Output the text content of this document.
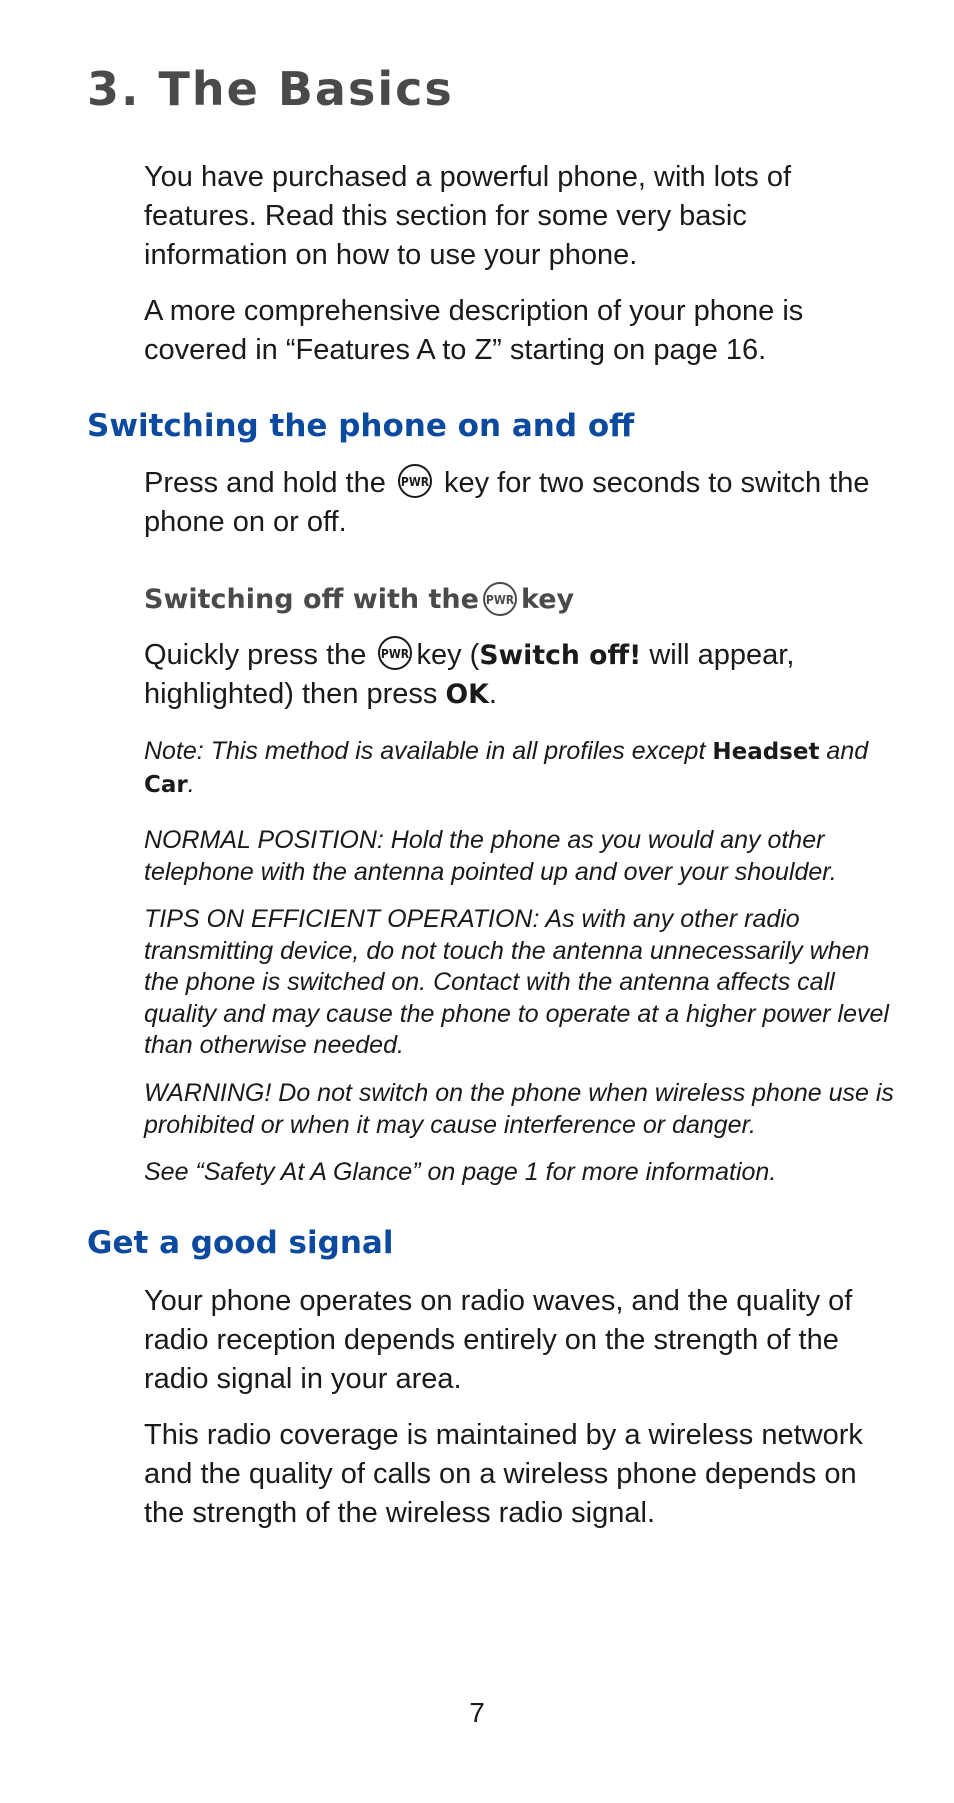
3. The Basics

You have purchased a powerful phone, with lots of features. Read this section for some very basic information on how to use your phone.

A more comprehensive description of your phone is covered in “Features A to Z” starting on page 16.

Switching the phone on and off

Press and hold the PWR key for two seconds to switch the phone on or off.

Switching off with the PWR key

Quickly press the PWR key (Switch off! will appear, highlighted) then press OK.

Note: This method is available in all profiles except Headset and Car.

NORMAL POSITION: Hold the phone as you would any other telephone with the antenna pointed up and over your shoulder.

TIPS ON EFFICIENT OPERATION: As with any other radio transmitting device, do not touch the antenna unnecessarily when the phone is switched on. Contact with the antenna affects call quality and may cause the phone to operate at a higher power level than otherwise needed.

WARNING! Do not switch on the phone when wireless phone use is prohibited or when it may cause interference or danger.

See “Safety At A Glance” on page 1 for more information.

Get a good signal

Your phone operates on radio waves, and the quality of radio reception depends entirely on the strength of the radio signal in your area.

This radio coverage is maintained by a wireless network and the quality of calls on a wireless phone depends on the strength of the wireless radio signal.

7
